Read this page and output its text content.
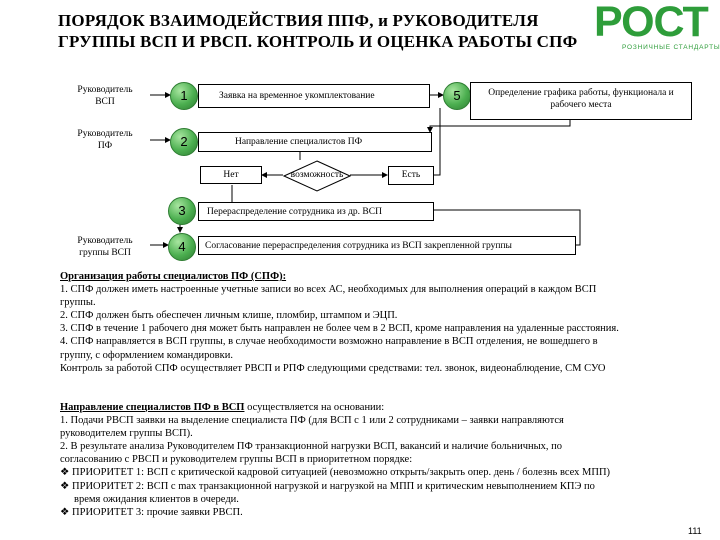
ПОРЯДОК ВЗАИМОДЕЙСТВИЯ ППФ, и РУКОВОДИТЕЛЯ
ГРУППЫ ВСП И РВСП. КОНТРОЛЬ И ОЦЕНКА РАБОТЫ СПФ РОСТ
РОЗНИЧНЫЕ СТАНДАРТЫ
Руководитель
ВСП
Руководитель
ПФ
Руководитель
группы ВСП
1	Заявка на временное укомплектование	5	Определение графика работы, функционала и рабочего места
2	Направление специалистов ПФ
Нет	возможность	Есть
3	Перераспределение сотрудника из др. ВСП
4	Согласование перераспределения сотрудника из ВСП закрепленной группы
Организация работы специалистов ПФ (СПФ):
1. СПФ должен иметь настроенные учетные записи во всех АС, необходимых для выполнения операций в каждом ВСП
группы.
2. СПФ должен быть обеспечен личным клише, пломбир, штампом и ЭЦП.
3. СПФ в течение 1 рабочего дня может быть направлен не более чем в 2 ВСП, кроме направления на удаленные расстояния.
4. СПФ направляется в ВСП группы, в случае необходимости возможно направление в ВСП отделения, не вошедшего в
группу, с оформлением командировки.
Контроль за работой СПФ осуществляет РВСП и РПФ следующими средствами: тел. звонок, видеонаблюдение, СМ СУО
Направление специалистов ПФ в ВСП осуществляется на основании:
1. Подачи РВСП заявки на выделение специалиста ПФ (для ВСП с 1 или 2 сотрудниками – заявки направляются
руководителем группы ВСП).
2. В результате анализа Руководителем ПФ транзакционной нагрузки ВСП, вакансий и наличие больничных, по
согласованию с РВСП и руководителем группы ВСП в приоритетном порядке:
❖ ПРИОРИТЕТ 1: ВСП с критической кадровой ситуацией (невозможно открыть/закрыть опер. день / болезнь всех МПП)
❖ ПРИОРИТЕТ 2: ВСП с max транзакционной нагрузкой и нагрузкой на МПП и критическим невыполнением КПЭ по
время ожидания клиентов в очереди.
❖ ПРИОРИТЕТ 3: прочие заявки РВСП.
111
